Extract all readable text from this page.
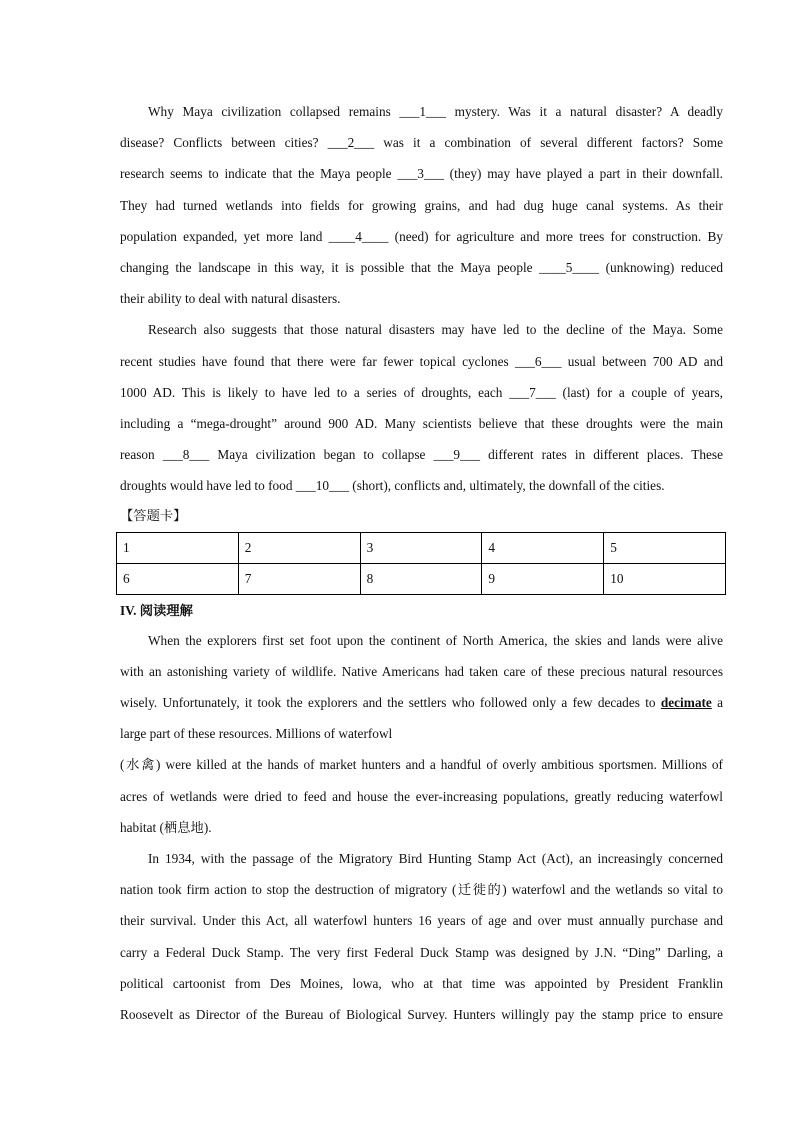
Why Maya civilization collapsed remains ___1___ mystery. Was it a natural disaster? A deadly
disease? Conflicts between cities? ___2___ was it a combination of several different factors? Some
research seems to indicate that the Maya people ___3___ (they) may have played a part in their downfall.
They had turned wetlands into fields for growing grains, and had dug huge canal systems. As their
population expanded, yet more land ____4____ (need) for agriculture and more trees for construction. By
changing the landscape in this way, it is possible that the Maya people ____5____ (unknowing) reduced
their ability to deal with natural disasters.

Research also suggests that those natural disasters may have led to the decline of the Maya. Some
recent studies have found that there were far fewer topical cyclones ___6___ usual between 700 AD and
1000 AD. This is likely to have led to a series of droughts, each ___7___ (last) for a couple of years,
including a “mega-drought” around 900 AD. Many scientists believe that these droughts were the main
reason ___8___ Maya civilization began to collapse ___9___ different rates in different places. These
droughts would have led to food ___10___ (short), conflicts and, ultimately, the downfall of the cities.

【答题卡】

1	2	3	4	5
6	7	8	9	10

IV. 阅读理解

When the explorers first set foot upon the continent of North America, the skies and lands were alive
with an astonishing variety of wildlife. Native Americans had taken care of these precious natural resources
wisely. Unfortunately, it took the explorers and the settlers who followed only a few decades to decimate a
large part of these resources. Millions of waterfowl

(水禽) were killed at the hands of market hunters and a handful of overly ambitious sportsmen. Millions of
acres of wetlands were dried to feed and house the ever-increasing populations, greatly reducing waterfowl
habitat (栖息地).

In 1934, with the passage of the Migratory Bird Hunting Stamp Act (Act), an increasingly concerned
nation took firm action to stop the destruction of migratory (迁徙的) waterfowl and the wetlands so vital to
their survival. Under this Act, all waterfowl hunters 16 years of age and over must annually purchase and
carry a Federal Duck Stamp. The very first Federal Duck Stamp was designed by J.N. “Ding” Darling, a
political cartoonist from Des Moines, lowa, who at that time was appointed by President Franklin
Roosevelt as Director of the Bureau of Biological Survey. Hunters willingly pay the stamp price to ensure
